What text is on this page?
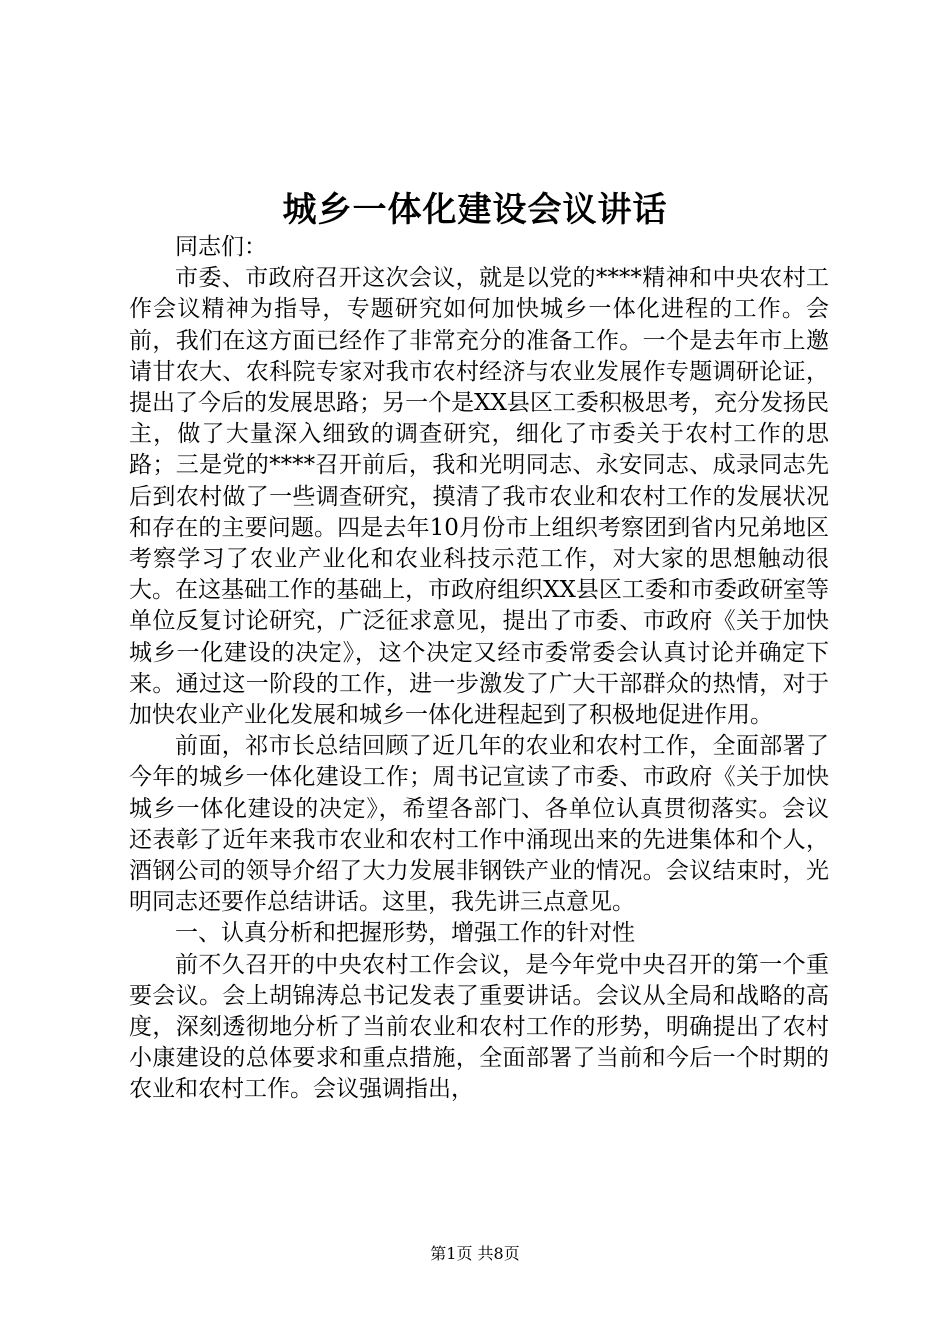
城乡一体化建设会议讲话

同志们：

市委、市政府召开这次会议，就是以党的****精神和中央农村工作会议精神为指导，专题研究如何加快城乡一体化进程的工作。会前，我们在这方面已经作了非常充分的准备工作。一个是去年市上邀请甘农大、农科院专家对我市农村经济与农业发展作专题调研论证，提出了今后的发展思路；另一个是XX县区工委积极思考，充分发扬民主，做了大量深入细致的调查研究，细化了市委关于农村工作的思路；三是党的****召开前后，我和光明同志、永安同志、成录同志先后到农村做了一些调查研究，摸清了我市农业和农村工作的发展状况和存在的主要问题。四是去年10月份市上组织考察团到省内兄弟地区考察学习了农业产业化和农业科技示范工作，对大家的思想触动很大。在这基础工作的基础上，市政府组织XX县区工委和市委政研室等单位反复讨论研究，广泛征求意见，提出了市委、市政府《关于加快城乡一化建设的决定》，这个决定又经市委常委会认真讨论并确定下来。通过这一阶段的工作，进一步激发了广大干部群众的热情，对于加快农业产业化发展和城乡一体化进程起到了积极地促进作用。

前面，祁市长总结回顾了近几年的农业和农村工作，全面部署了今年的城乡一体化建设工作；周书记宣读了市委、市政府《关于加快城乡一体化建设的决定》，希望各部门、各单位认真贯彻落实。会议还表彰了近年来我市农业和农村工作中涌现出来的先进集体和个人，酒钢公司的领导介绍了大力发展非钢铁产业的情况。会议结束时，光明同志还要作总结讲话。这里，我先讲三点意见。

一、认真分析和把握形势，增强工作的针对性

前不久召开的中央农村工作会议，是今年党中央召开的第一个重要会议。会上胡锦涛总书记发表了重要讲话。会议从全局和战略的高度，深刻透彻地分析了当前农业和农村工作的形势，明确提出了农村小康建设的总体要求和重点措施，全面部署了当前和今后一个时期的农业和农村工作。会议强调指出，

第1页 共8页
